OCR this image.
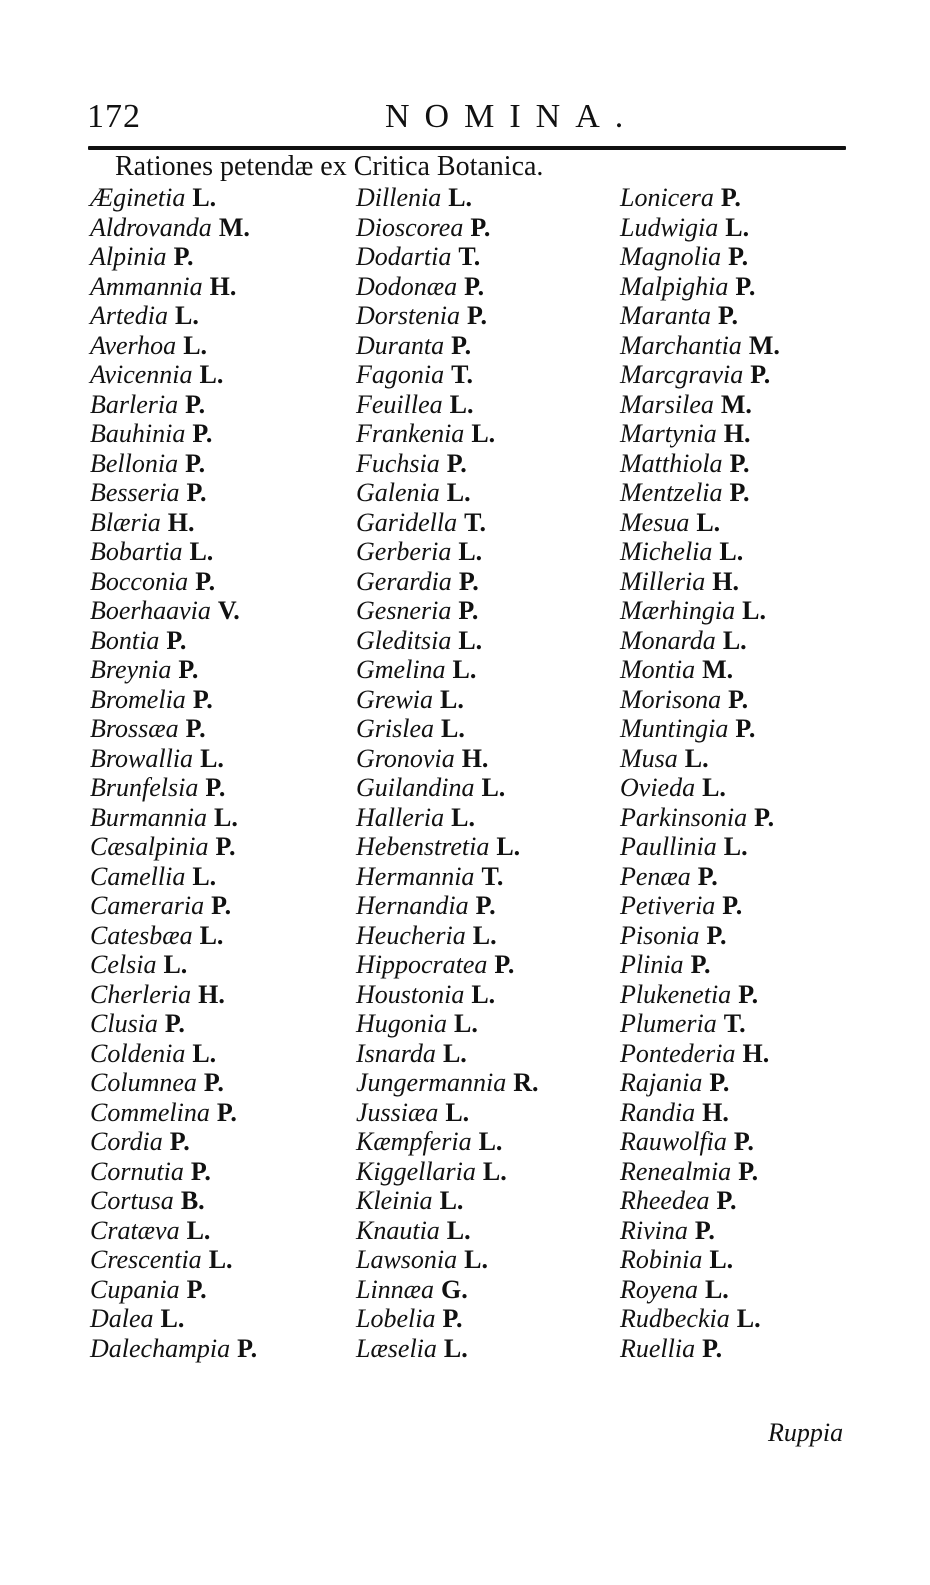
172	NOMINA.
Rationes petendæ ex Critica Botanica.
Æginetia L.
Aldrovanda M.
Alpinia P.
Ammannia H.
Artedia L.
Averhoa L.
Avicennia L.
Barleria P.
Bauhinia P.
Bellonia P.
Besseria P.
Blæria H.
Bobartia L.
Bocconia P.
Boerhaavia V.
Bontia P.
Breynia P.
Bromelia P.
Brossæa P.
Browallia L.
Brunfelsia P.
Burmannia L.
Cæsalpinia P.
Camellia L.
Cameraria P.
Catesbæa L.
Celsia L.
Cherleria H.
Clusia P.
Coldenia L.
Columnea P.
Commelina P.
Cordia P.
Cornutia P.
Cortusa B.
Cratæva L.
Crescentia L.
Cupania P.
Dalea L.
Dalechampia P.
Dillenia L.
Dioscorea P.
Dodartia T.
Dodonæa P.
Dorstenia P.
Duranta P.
Fagonia T.
Feuillea L.
Frankenia L.
Fuchsia P.
Galenia L.
Garidella T.
Gerberia L.
Gerardia P.
Gesneria P.
Gleditsia L.
Gmelina L.
Grewia L.
Grislea L.
Gronovia H.
Guilandina L.
Halleria L.
Hebenstretia L.
Hermannia T.
Hernandia P.
Heucheria L.
Hippocratea P.
Houstonia L.
Hugonia L.
Isnarda L.
Jungermannia R.
Jussiæa L.
Kæmpferia L.
Kiggellaria L.
Kleinia L.
Knautia L.
Lawsonia L.
Linnæa G.
Lobelia P.
Læselia L.
Lonicera P.
Ludwigia L.
Magnolia P.
Malpighia P.
Maranta P.
Marchantia M.
Marcgravia P.
Marsilea M.
Martynia H.
Matthiola P.
Mentzelia P.
Mesua L.
Michelia L.
Milleria H.
Mærhingia L.
Monarda L.
Montia M.
Morisona P.
Muntingia P.
Musa L.
Ovieda L.
Parkinsonia P.
Paullinia L.
Penæa P.
Petiveria P.
Pisonia P.
Plinia P.
Plukenetia P.
Plumeria T.
Pontederia H.
Rajania P.
Randia H.
Rauwolfia P.
Renealmia P.
Rheedea P.
Rivina P.
Robinia L.
Royena L.
Rudbeckia L.
Ruellia P.
Ruppia
